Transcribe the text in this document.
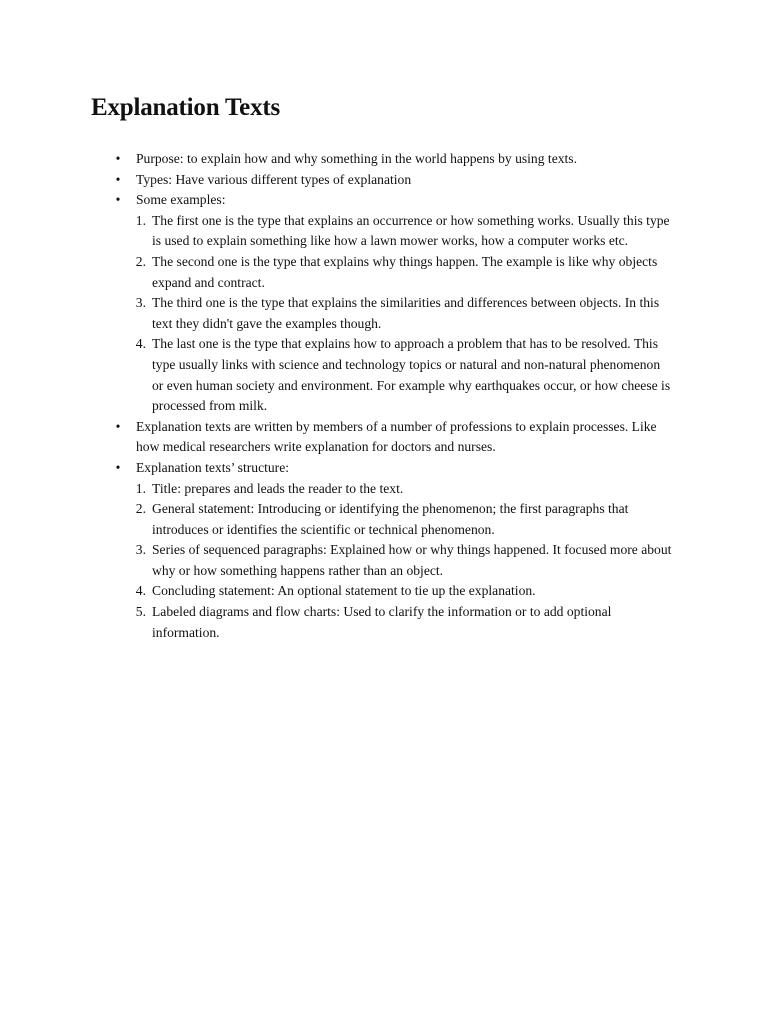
Explanation Texts
• Purpose: to explain how and why something in the world happens by using texts.
• Types: Have various different types of explanation
• Some examples:
1. The first one is the type that explains an occurrence or how something works. Usually this type is used to explain something like how a lawn mower works, how a computer works etc.
2. The second one is the type that explains why things happen. The example is like why objects expand and contract.
3. The third one is the type that explains the similarities and differences between objects. In this text they didn't gave the examples though.
4. The last one is the type that explains how to approach a problem that has to be resolved. This type usually links with science and technology topics or natural and non-natural phenomenon or even human society and environment. For example why earthquakes occur, or how cheese is processed from milk.
• Explanation texts are written by members of a number of professions to explain processes. Like how medical researchers write explanation for doctors and nurses.
• Explanation texts’ structure:
1. Title: prepares and leads the reader to the text.
2. General statement: Introducing or identifying the phenomenon; the first paragraphs that introduces or identifies the scientific or technical phenomenon.
3. Series of sequenced paragraphs: Explained how or why things happened. It focused more about why or how something happens rather than an object.
4. Concluding statement: An optional statement to tie up the explanation.
5. Labeled diagrams and flow charts: Used to clarify the information or to add optional information.
